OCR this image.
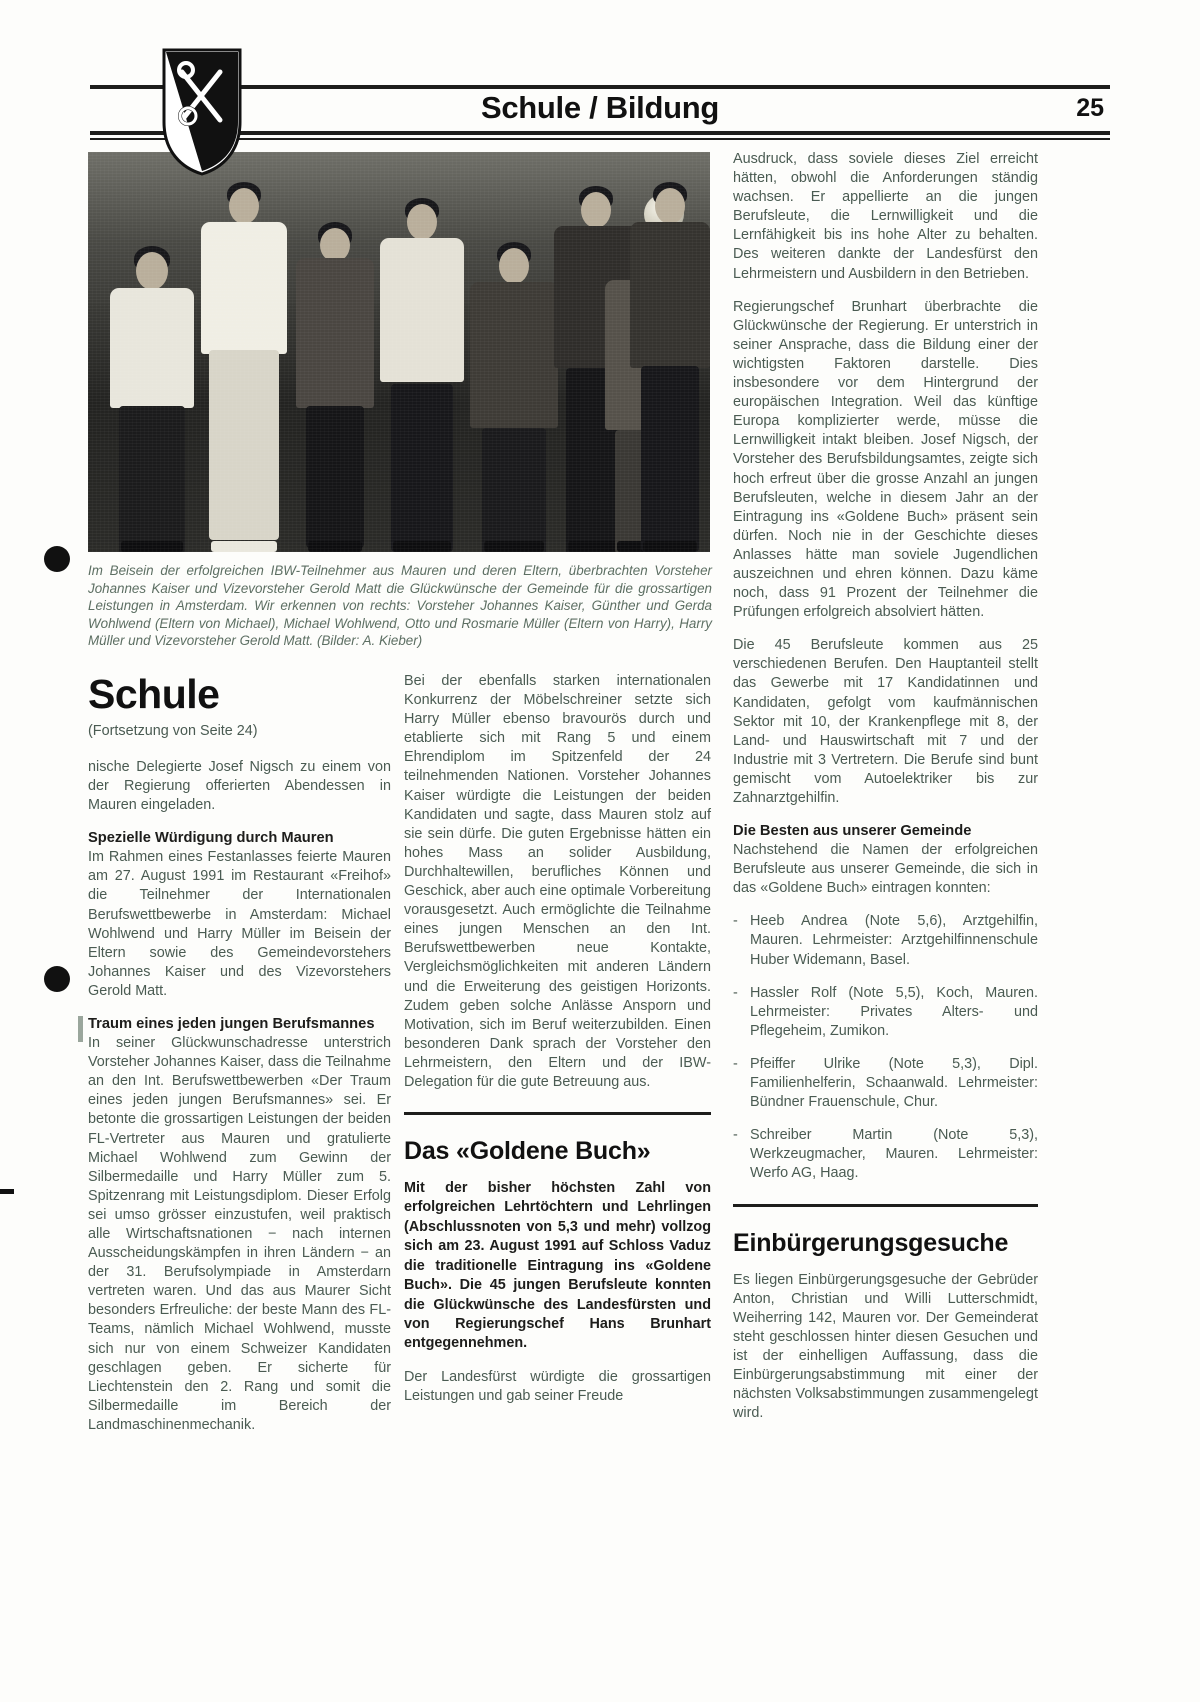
Schule / Bildung	25
Im Beisein der erfolgreichen IBW-Teilnehmer aus Mauren und deren Eltern, überbrachten Vorsteher Johannes Kaiser und Vizevorsteher Gerold Matt die Glückwünsche der Gemeinde für die grossartigen Leistungen in Amsterdam. Wir erkennen von rechts: Vorsteher Johannes Kaiser, Günther und Gerda Wohlwend (Eltern von Michael), Michael Wohlwend, Otto und Rosmarie Müller (Eltern von Harry), Harry Müller und Vizevorsteher Gerold Matt. (Bilder: A. Kieber)
Schule
(Fortsetzung von Seite 24)

nische Delegierte Josef Nigsch zu einem von der Regierung offerierten Abendessen in Mauren eingeladen.

Spezielle Würdigung durch Mauren

Im Rahmen eines Festanlasses feierte Mauren am 27. August 1991 im Restaurant «Freihof» die Teilnehmer der Internationalen Berufswettbewerbe in Amsterdam: Michael Wohlwend und Harry Müller im Beisein der Eltern sowie des Gemeindevorstehers Johannes Kaiser und des Vizevorstehers Gerold Matt.

Traum eines jeden jungen Berufsmannes

In seiner Glückwunschadresse unterstrich Vorsteher Johannes Kaiser, dass die Teilnahme an den Int. Berufswettbewerben «Der Traum eines jeden jungen Berufsmannes» sei. Er betonte die grossartigen Leistungen der beiden FL-Vertreter aus Mauren und gratulierte Michael Wohlwend zum Gewinn der Silbermedaille und Harry Müller zum 5. Spitzenrang mit Leistungsdiplom. Dieser Erfolg sei umso grösser einzustufen, weil praktisch alle Wirtschaftsnationen − nach internen Ausscheidungskämpfen in ihren Ländern − an der 31. Berufsolympiade in Amsterdarn vertreten waren. Und das aus Maurer Sicht besonders Erfreuliche: der beste Mann des FL-Teams, nämlich Michael Wohlwend, musste sich nur von einem Schweizer Kandidaten geschlagen geben. Er sicherte für Liechtenstein den 2. Rang und somit die Silbermedaille im Bereich der Landmaschinenmechanik.

Bei der ebenfalls starken internationalen Konkurrenz der Möbelschreiner setzte sich Harry Müller ebenso bravourös durch und etablierte sich mit Rang 5 und einem Ehrendiplom im Spitzenfeld der 24 teilnehmenden Nationen. Vorsteher Johannes Kaiser würdigte die Leistungen der beiden Kandidaten und sagte, dass Mauren stolz auf sie sein dürfe. Die guten Ergebnisse hätten ein hohes Mass an solider Ausbildung, Durchhaltewillen, berufliches Können und Geschick, aber auch eine optimale Vorbereitung vorausgesetzt. Auch ermöglichte die Teilnahme eines jungen Menschen an den Int. Berufswettbewerben neue Kontakte, Vergleichsmöglichkeiten mit anderen Ländern und die Erweiterung des geistigen Horizonts. Zudem geben solche Anlässe Ansporn und Motivation, sich im Beruf weiterzubilden. Einen besonderen Dank sprach der Vorsteher den Lehrmeistern, den Eltern und der IBW-Delegation für die gute Betreuung aus.

Das «Goldene Buch»

Mit der bisher höchsten Zahl von erfolgreichen Lehrtöchtern und Lehrlingen (Abschlussnoten von 5,3 und mehr) vollzog sich am 23. August 1991 auf Schloss Vaduz die traditionelle Eintragung ins «Goldene Buch». Die 45 jungen Berufsleute konnten die Glückwünsche des Landesfürsten und von Regierungschef Hans Brunhart entgegennehmen.

Der Landesfürst würdigte die grossartigen Leistungen und gab seiner Freude

Ausdruck, dass soviele dieses Ziel erreicht hätten, obwohl die Anforderungen ständig wachsen. Er appellierte an die jungen Berufsleute, die Lernwilligkeit und die Lernfähigkeit bis ins hohe Alter zu behalten. Des weiteren dankte der Landesfürst den Lehrmeistern und Ausbildern in den Betrieben.

Regierungschef Brunhart überbrachte die Glückwünsche der Regierung. Er unterstrich in seiner Ansprache, dass die Bildung einer der wichtigsten Faktoren darstelle. Dies insbesondere vor dem Hintergrund der europäischen Integration. Weil das künftige Europa komplizierter werde, müsse die Lernwilligkeit intakt bleiben. Josef Nigsch, der Vorsteher des Berufsbildungsamtes, zeigte sich hoch erfreut über die grosse Anzahl an jungen Berufsleuten, welche in diesem Jahr an der Eintragung ins «Goldene Buch» präsent sein dürfen. Noch nie in der Geschichte dieses Anlasses hätte man soviele Jugendlichen auszeichnen und ehren können. Dazu käme noch, dass 91 Prozent der Teilnehmer die Prüfungen erfolgreich absolviert hätten.

Die 45 Berufsleute kommen aus 25 verschiedenen Berufen. Den Hauptanteil stellt das Gewerbe mit 17 Kandidatinnen und Kandidaten, gefolgt vom kaufmännischen Sektor mit 10, der Krankenpflege mit 8, der Land- und Hauswirtschaft mit 7 und der Industrie mit 3 Vertretern. Die Berufe sind bunt gemischt vom Autoelektriker bis zur Zahnarztgehilfin.

Die Besten aus unserer Gemeinde

Nachstehend die Namen der erfolgreichen Berufsleute aus unserer Gemeinde, die sich in das «Goldene Buch» eintragen konnten:

- Heeb Andrea (Note 5,6), Arztgehilfin, Mauren. Lehrmeister: Arztgehilfinnenschule Huber Widemann, Basel.
- Hassler Rolf (Note 5,5), Koch, Mauren. Lehrmeister: Privates Alters- und Pflegeheim, Zumikon.
- Pfeiffer Ulrike (Note 5,3), Dipl. Familienhelferin, Schaanwald. Lehrmeister: Bündner Frauenschule, Chur.
- Schreiber Martin (Note 5,3), Werkzeugmacher, Mauren. Lehrmeister: Werfo AG, Haag.
Einbürgerungsgesuche

Es liegen Einbürgerungsgesuche der Gebrüder Anton, Christian und Willi Lutterschmidt, Weiherring 142, Mauren vor. Der Gemeinderat steht geschlossen hinter diesen Gesuchen und ist der einhelligen Auffassung, dass die Einbürgerungsabstimmung mit einer der nächsten Volksabstimmungen zusammengelegt wird.
